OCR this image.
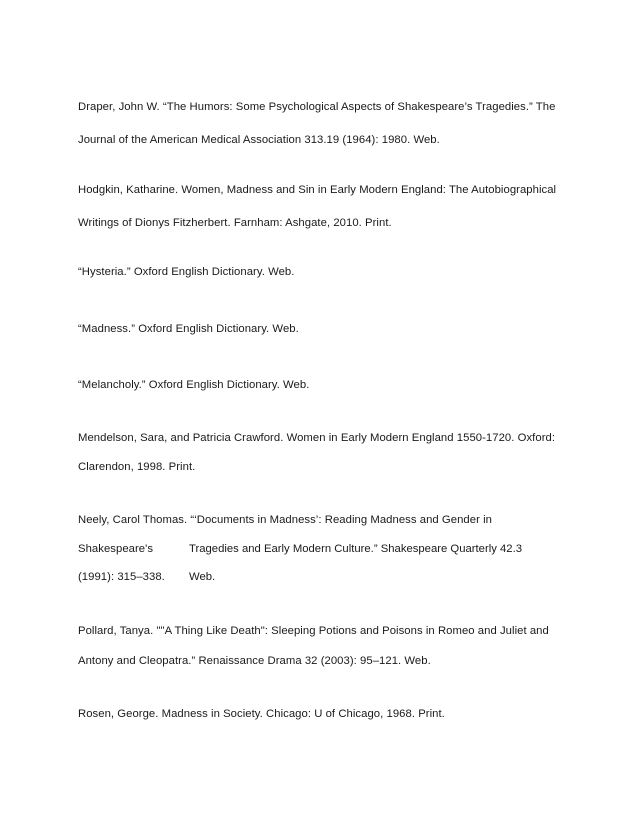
Draper, John W. “The Humors: Some Psychological Aspects of Shakespeare’s Tragedies.” The
Journal of the American Medical Association 313.19 (1964): 1980. Web.
Hodgkin, Katharine. Women, Madness and Sin in Early Modern England: The Autobiographical
Writings of Dionys Fitzherbert. Farnham: Ashgate, 2010. Print.
“Hysteria.” Oxford English Dictionary. Web.
“Madness.” Oxford English Dictionary. Web.
“Melancholy.” Oxford English Dictionary. Web.
Mendelson, Sara, and Patricia Crawford. Women in Early Modern England 1550-1720. Oxford:
Clarendon, 1998. Print.
Neely, Carol Thomas. “‘Documents in Madness’: Reading Madness and Gender in
Shakespeare's	Tragedies and Early Modern Culture.” Shakespeare Quarterly 42.3
(1991): 315–338. Web.
Pollard, Tanya. ""A Thing Like Death": Sleeping Potions and Poisons in Romeo and Juliet and
Antony and Cleopatra.” Renaissance Drama 32 (2003): 95–121. Web.
Rosen, George. Madness in Society. Chicago: U of Chicago, 1968. Print.
